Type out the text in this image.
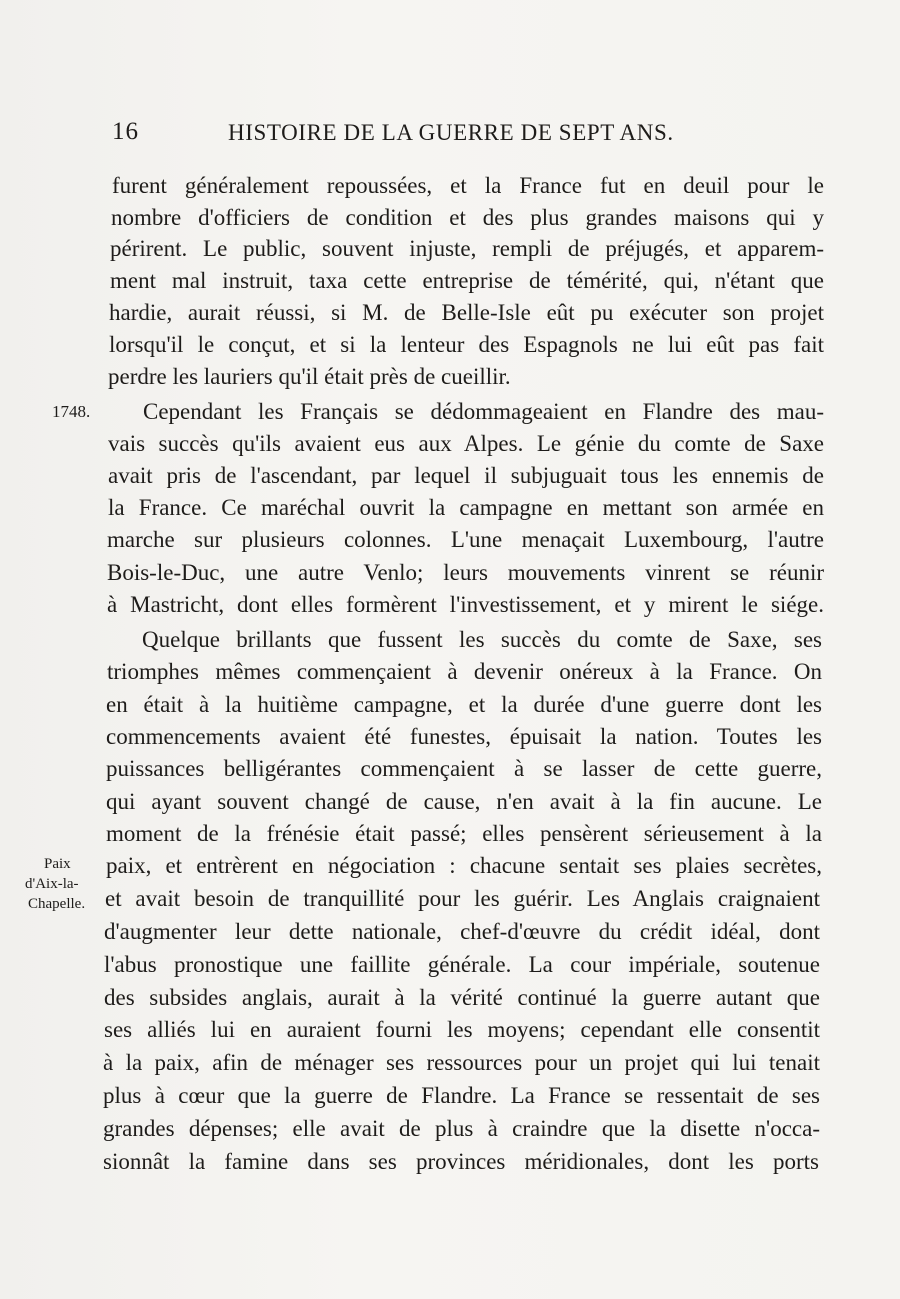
16	HISTOIRE DE LA GUERRE DE SEPT ANS.
1748.
Paix
d'Aix-la-
Chapelle.
furent généralement repoussées, et la France fut en deuil pour le
nombre d'officiers de condition et des plus grandes maisons qui y
périrent. Le public, souvent injuste, rempli de préjugés, et apparem-
ment mal instruit, taxa cette entreprise de témérité, qui, n'étant que
hardie, aurait réussi, si M. de Belle-Isle eût pu exécuter son projet
lorsqu'il le conçut, et si la lenteur des Espagnols ne lui eût pas fait
perdre les lauriers qu'il était près de cueillir.
Cependant les Français se dédommageaient en Flandre des mau-
vais succès qu'ils avaient eus aux Alpes. Le génie du comte de Saxe
avait pris de l'ascendant, par lequel il subjuguait tous les ennemis de
la France. Ce maréchal ouvrit la campagne en mettant son armée en
marche sur plusieurs colonnes. L'une menaçait Luxembourg, l'autre
Bois-le-Duc, une autre Venlo; leurs mouvements vinrent se réunir
à Mastricht, dont elles formèrent l'investissement, et y mirent le siége.
Quelque brillants que fussent les succès du comte de Saxe, ses
triomphes mêmes commençaient à devenir onéreux à la France. On
en était à la huitième campagne, et la durée d'une guerre dont les
commencements avaient été funestes, épuisait la nation. Toutes les
puissances belligérantes commençaient à se lasser de cette guerre,
qui ayant souvent changé de cause, n'en avait à la fin aucune. Le
moment de la frénésie était passé; elles pensèrent sérieusement à la
paix, et entrèrent en négociation : chacune sentait ses plaies secrètes,
et avait besoin de tranquillité pour les guérir. Les Anglais craignaient
d'augmenter leur dette nationale, chef-d'œuvre du crédit idéal, dont
l'abus pronostique une faillite générale. La cour impériale, soutenue
des subsides anglais, aurait à la vérité continué la guerre autant que
ses alliés lui en auraient fourni les moyens; cependant elle consentit
à la paix, afin de ménager ses ressources pour un projet qui lui tenait
plus à cœur que la guerre de Flandre. La France se ressentait de ses
grandes dépenses; elle avait de plus à craindre que la disette n'occa-
sionnât la famine dans ses provinces méridionales, dont les ports
